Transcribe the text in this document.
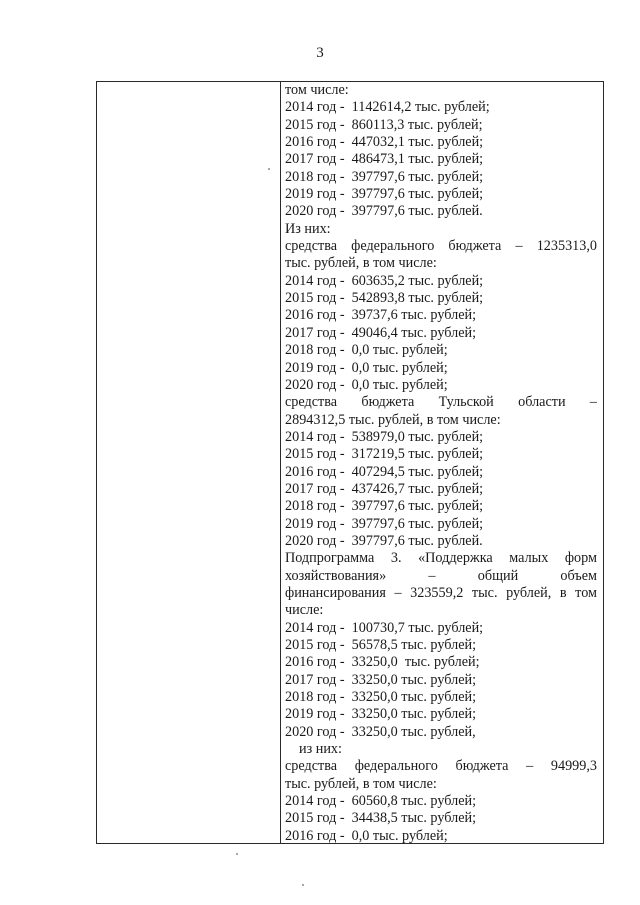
3
том числе:
2014 год -  1142614,2 тыс. рублей;
2015 год -  860113,3 тыс. рублей;
2016 год -  447032,1 тыс. рублей;
2017 год -  486473,1 тыс. рублей;
2018 год -  397797,6 тыс. рублей;
2019 год -  397797,6 тыс. рублей;
2020 год -  397797,6 тыс. рублей.
Из них:
средства федерального бюджета – 1235313,0
тыс. рублей, в том числе:
2014 год -  603635,2 тыс. рублей;
2015 год -  542893,8 тыс. рублей;
2016 год -  39737,6 тыс. рублей;
2017 год -  49046,4 тыс. рублей;
2018 год -  0,0 тыс. рублей;
2019 год -  0,0 тыс. рублей;
2020 год -  0,0 тыс. рублей;
средства бюджета Тульской области –
2894312,5 тыс. рублей, в том числе:
2014 год -  538979,0 тыс. рублей;
2015 год -  317219,5 тыс. рублей;
2016 год -  407294,5 тыс. рублей;
2017 год -  437426,7 тыс. рублей;
2018 год -  397797,6 тыс. рублей;
2019 год -  397797,6 тыс. рублей;
2020 год -  397797,6 тыс. рублей.
Подпрограмма 3. «Поддержка малых форм
хозяйствования» – общий объем
финансирования – 323559,2 тыс. рублей, в том
числе:
2014 год -  100730,7 тыс. рублей;
2015 год -  56578,5 тыс. рублей;
2016 год -  33250,0  тыс. рублей;
2017 год -  33250,0 тыс. рублей;
2018 год -  33250,0 тыс. рублей;
2019 год -  33250,0 тыс. рублей;
2020 год -  33250,0 тыс. рублей,
из них:
средства федерального бюджета – 94999,3
тыс. рублей, в том числе:
2014 год -  60560,8 тыс. рублей;
2015 год -  34438,5 тыс. рублей;
2016 год -  0,0 тыс. рублей;
